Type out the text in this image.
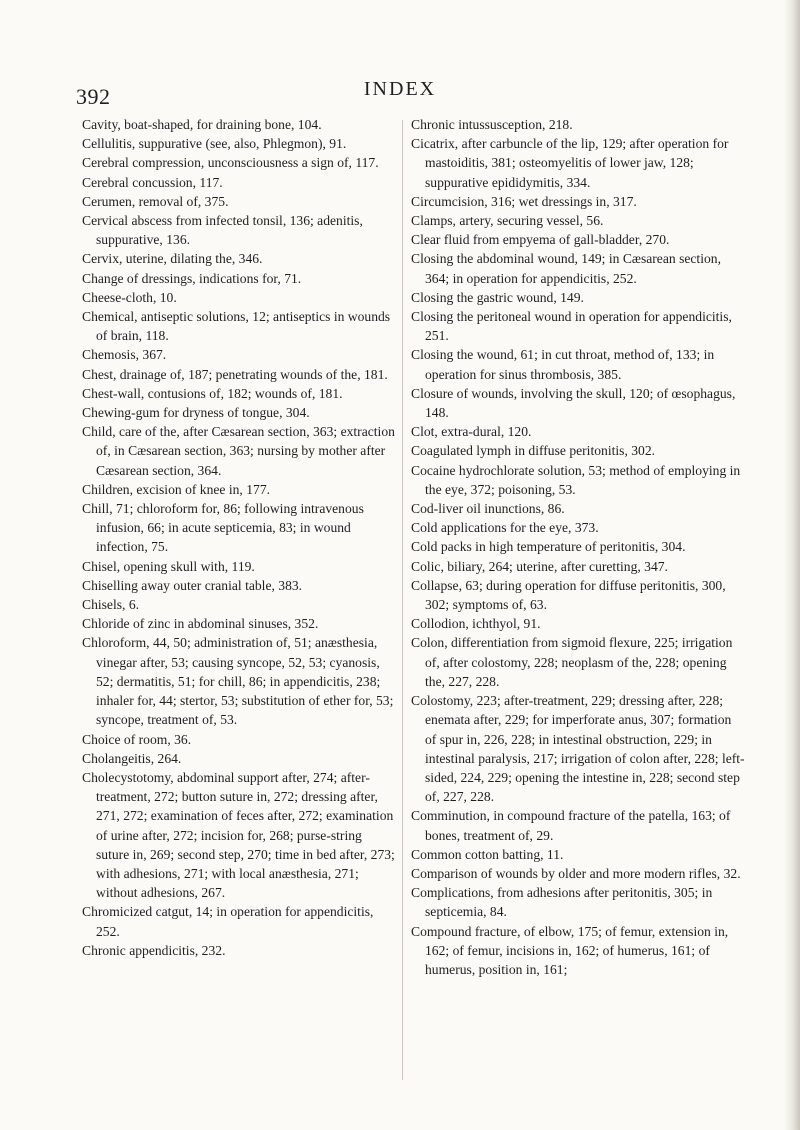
392	INDEX

Cavity, boat-shaped, for draining bone, 104.

Cellulitis, suppurative (see, also, Phlegmon), 91.

Cerebral compression, unconsciousness a sign of, 117.

Cerebral concussion, 117.

Cerumen, removal of, 375.

Cervical abscess from infected tonsil, 136; adenitis, suppurative, 136.

Cervix, uterine, dilating the, 346.

Change of dressings, indications for, 71.

Cheese-cloth, 10.

Chemical, antiseptic solutions, 12; antiseptics in wounds of brain, 118.

Chemosis, 367.

Chest, drainage of, 187; penetrating wounds of the, 181.

Chest-wall, contusions of, 182; wounds of, 181.

Chewing-gum for dryness of tongue, 304.

Child, care of the, after Cæsarean section, 363; extraction of, in Cæsarean section, 363; nursing by mother after Cæsarean section, 364.

Children, excision of knee in, 177.

Chill, 71; chloroform for, 86; following intravenous infusion, 66; in acute septicemia, 83; in wound infection, 75.

Chisel, opening skull with, 119.

Chiselling away outer cranial table, 383.

Chisels, 6.

Chloride of zinc in abdominal sinuses, 352.

Chloroform, 44, 50; administration of, 51; anæsthesia, vinegar after, 53; causing syncope, 52, 53; cyanosis, 52; dermatitis, 51; for chill, 86; in appendicitis, 238; inhaler for, 44; stertor, 53; substitution of ether for, 53; syncope, treatment of, 53.

Choice of room, 36.

Cholangeitis, 264.

Cholecystotomy, abdominal support after, 274; after-treatment, 272; button suture in, 272; dressing after, 271, 272; examination of feces after, 272; examination of urine after, 272; incision for, 268; purse-string suture in, 269; second step, 270; time in bed after, 273; with adhesions, 271; with local anæsthesia, 271; without adhesions, 267.

Chromicized catgut, 14; in operation for appendicitis, 252.

Chronic appendicitis, 232.

Chronic intussusception, 218.

Cicatrix, after carbuncle of the lip, 129; after operation for mastoiditis, 381; osteomyelitis of lower jaw, 128; suppurative epididymitis, 334.

Circumcision, 316; wet dressings in, 317.

Clamps, artery, securing vessel, 56.

Clear fluid from empyema of gall-bladder, 270.

Closing the abdominal wound, 149; in Cæsarean section, 364; in operation for appendicitis, 252.

Closing the gastric wound, 149.

Closing the peritoneal wound in operation for appendicitis, 251.

Closing the wound, 61; in cut throat, method of, 133; in operation for sinus thrombosis, 385.

Closure of wounds, involving the skull, 120; of œsophagus, 148.

Clot, extra-dural, 120.

Coagulated lymph in diffuse peritonitis, 302.

Cocaine hydrochlorate solution, 53; method of employing in the eye, 372; poisoning, 53.

Cod-liver oil inunctions, 86.

Cold applications for the eye, 373.

Cold packs in high temperature of peritonitis, 304.

Colic, biliary, 264; uterine, after curetting, 347.

Collapse, 63; during operation for diffuse peritonitis, 300, 302; symptoms of, 63.

Collodion, ichthyol, 91.

Colon, differentiation from sigmoid flexure, 225; irrigation of, after colostomy, 228; neoplasm of the, 228; opening the, 227, 228.

Colostomy, 223; after-treatment, 229; dressing after, 228; enemata after, 229; for imperforate anus, 307; formation of spur in, 226, 228; in intestinal obstruction, 229; in intestinal paralysis, 217; irrigation of colon after, 228; left-sided, 224, 229; opening the intestine in, 228; second step of, 227, 228.

Comminution, in compound fracture of the patella, 163; of bones, treatment of, 29.

Common cotton batting, 11.

Comparison of wounds by older and more modern rifles, 32.

Complications, from adhesions after peritonitis, 305; in septicemia, 84.

Compound fracture, of elbow, 175; of femur, extension in, 162; of femur, incisions in, 162; of humerus, 161; of humerus, position in, 161;
